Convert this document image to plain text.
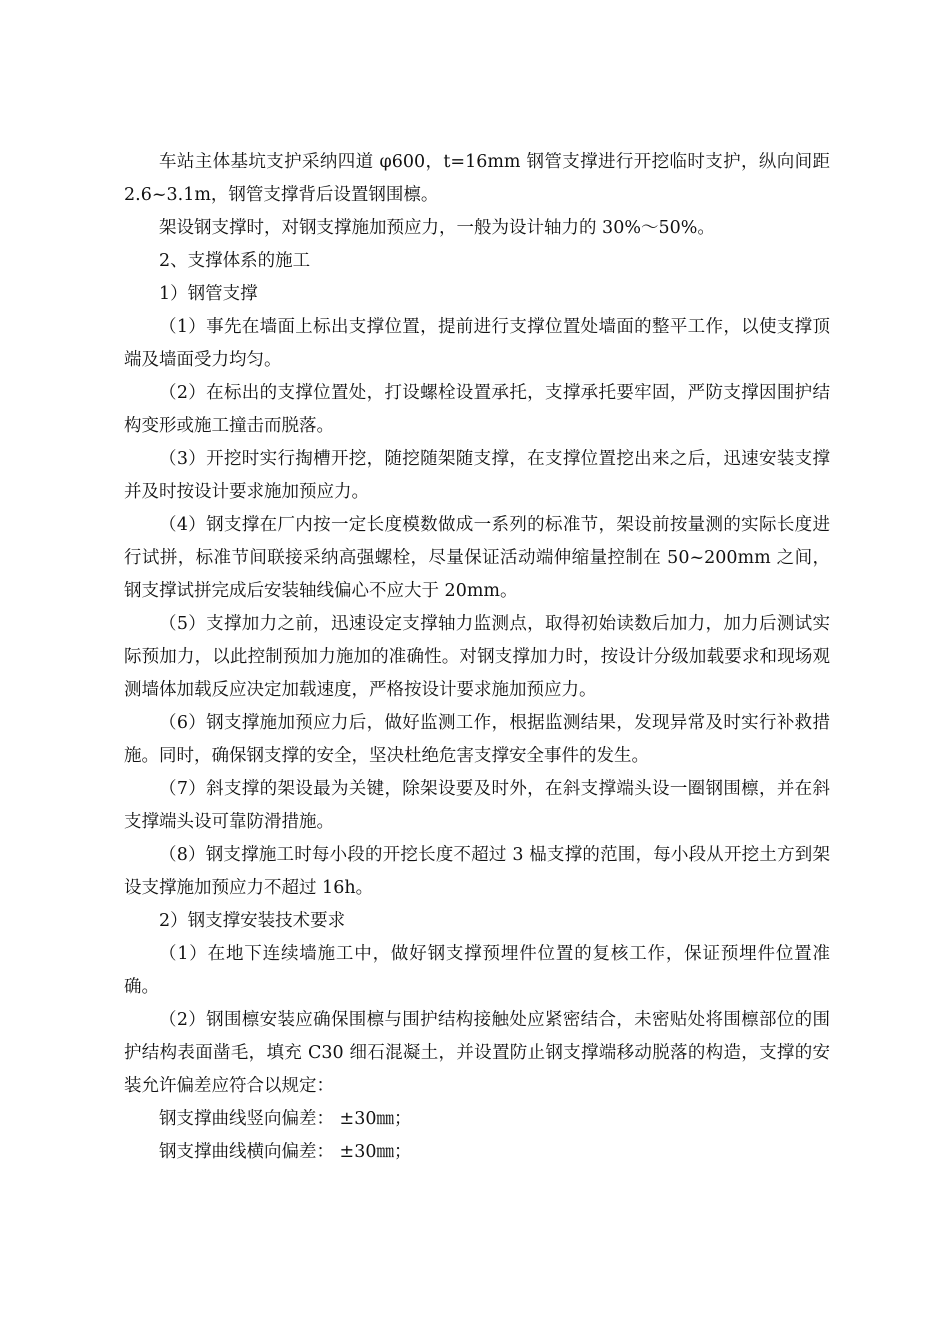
车站主体基坑支护采纳四道 φ600，t=16mm 钢管支撑进行开挖临时支护，纵向间距 2.6~3.1m，钢管支撑背后设置钢围檩。

架设钢支撑时，对钢支撑施加预应力，一般为设计轴力的 30%～50%。

2、支撑体系的施工

1）钢管支撑

（1）事先在墙面上标出支撑位置，提前进行支撑位置处墙面的整平工作，以使支撑顶端及墙面受力均匀。

（2）在标出的支撑位置处，打设螺栓设置承托，支撑承托要牢固，严防支撑因围护结构变形或施工撞击而脱落。

（3）开挖时实行掏槽开挖，随挖随架随支撑，在支撑位置挖出来之后，迅速安装支撑并及时按设计要求施加预应力。

（4）钢支撑在厂内按一定长度模数做成一系列的标准节，架设前按量测的实际长度进行试拼，标准节间联接采纳高强螺栓，尽量保证活动端伸缩量控制在 50~200mm 之间，钢支撑试拼完成后安装轴线偏心不应大于 20mm。

（5）支撑加力之前，迅速设定支撑轴力监测点，取得初始读数后加力，加力后测试实际预加力，以此控制预加力施加的准确性。对钢支撑加力时，按设计分级加载要求和现场观测墙体加载反应决定加载速度，严格按设计要求施加预应力。

（6）钢支撑施加预应力后，做好监测工作，根据监测结果，发现异常及时实行补救措施。同时，确保钢支撑的安全，坚决杜绝危害支撑安全事件的发生。

（7）斜支撑的架设最为关键，除架设要及时外，在斜支撑端头设一圈钢围檩，并在斜支撑端头设可靠防滑措施。

（8）钢支撑施工时每小段的开挖长度不超过 3 榀支撑的范围，每小段从开挖土方到架设支撑施加预应力不超过 16h。

2）钢支撑安装技术要求

（1）在地下连续墙施工中，做好钢支撑预埋件位置的复核工作，保证预埋件位置准确。

（2）钢围檩安装应确保围檩与围护结构接触处应紧密结合，未密贴处将围檩部位的围护结构表面凿毛，填充 C30 细石混凝土，并设置防止钢支撑端移动脱落的构造，支撑的安装允许偏差应符合以规定：

钢支撑曲线竖向偏差： ±30㎜；

钢支撑曲线横向偏差： ±30㎜；
